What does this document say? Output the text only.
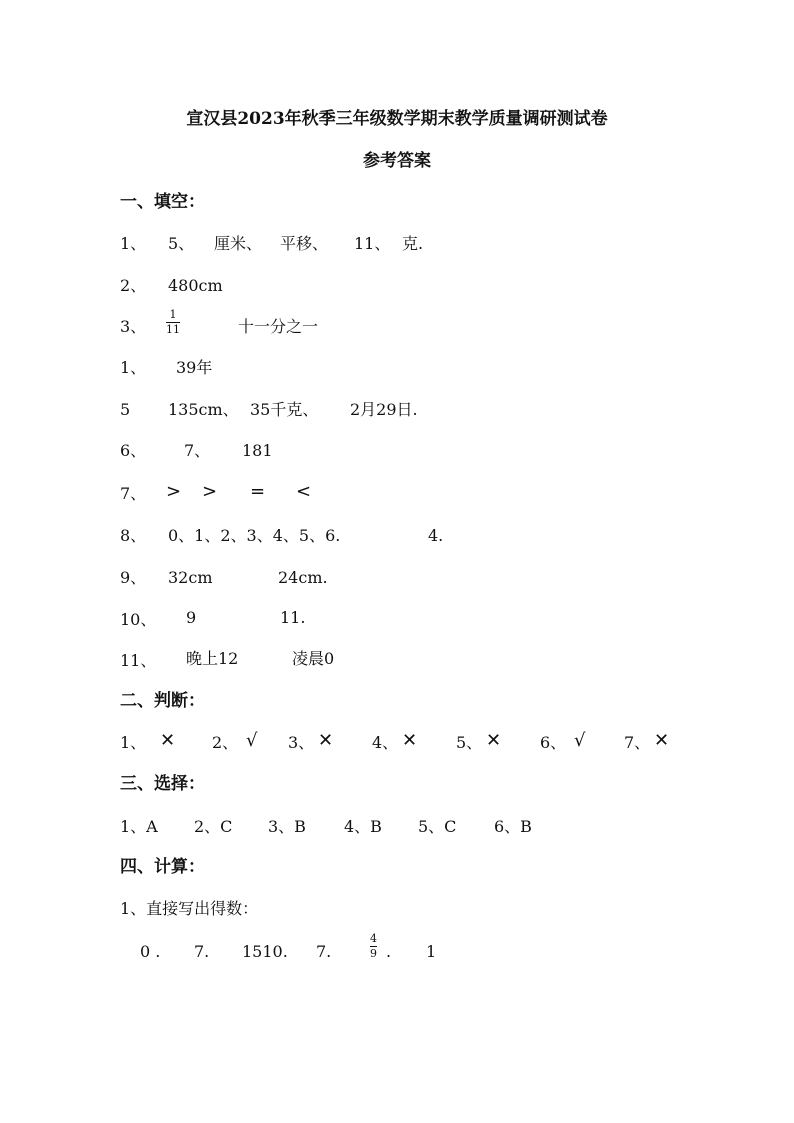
宣汉县2023年秋季三年级数学期末教学质量调研测试卷
参考答案
一、填空：
1、 5、 厘米、 平移、 11、 克.
2、 480cm
3、
1
11	十一分之一
1、 39年
5 135cm、 35千克、 2月29日.
6、 7、 181
7、 > > = <
8、 0、1、2、3、4、5、6.	4.
9、 32cm	24cm.
10、 9	11.
11、 晚上12	凌晨0
二、判断：
1、 ✕ 2、 √ 3、 ✕ 4、 ✕ 5、 ✕ 6、 √ 7、 ✕
三、选择：
1、A 2、C 3、B 4、B 5、C 6、B
四、计算：
1、直接写出得数：
0 . 7. 1510. 7.
4
9 . 1
